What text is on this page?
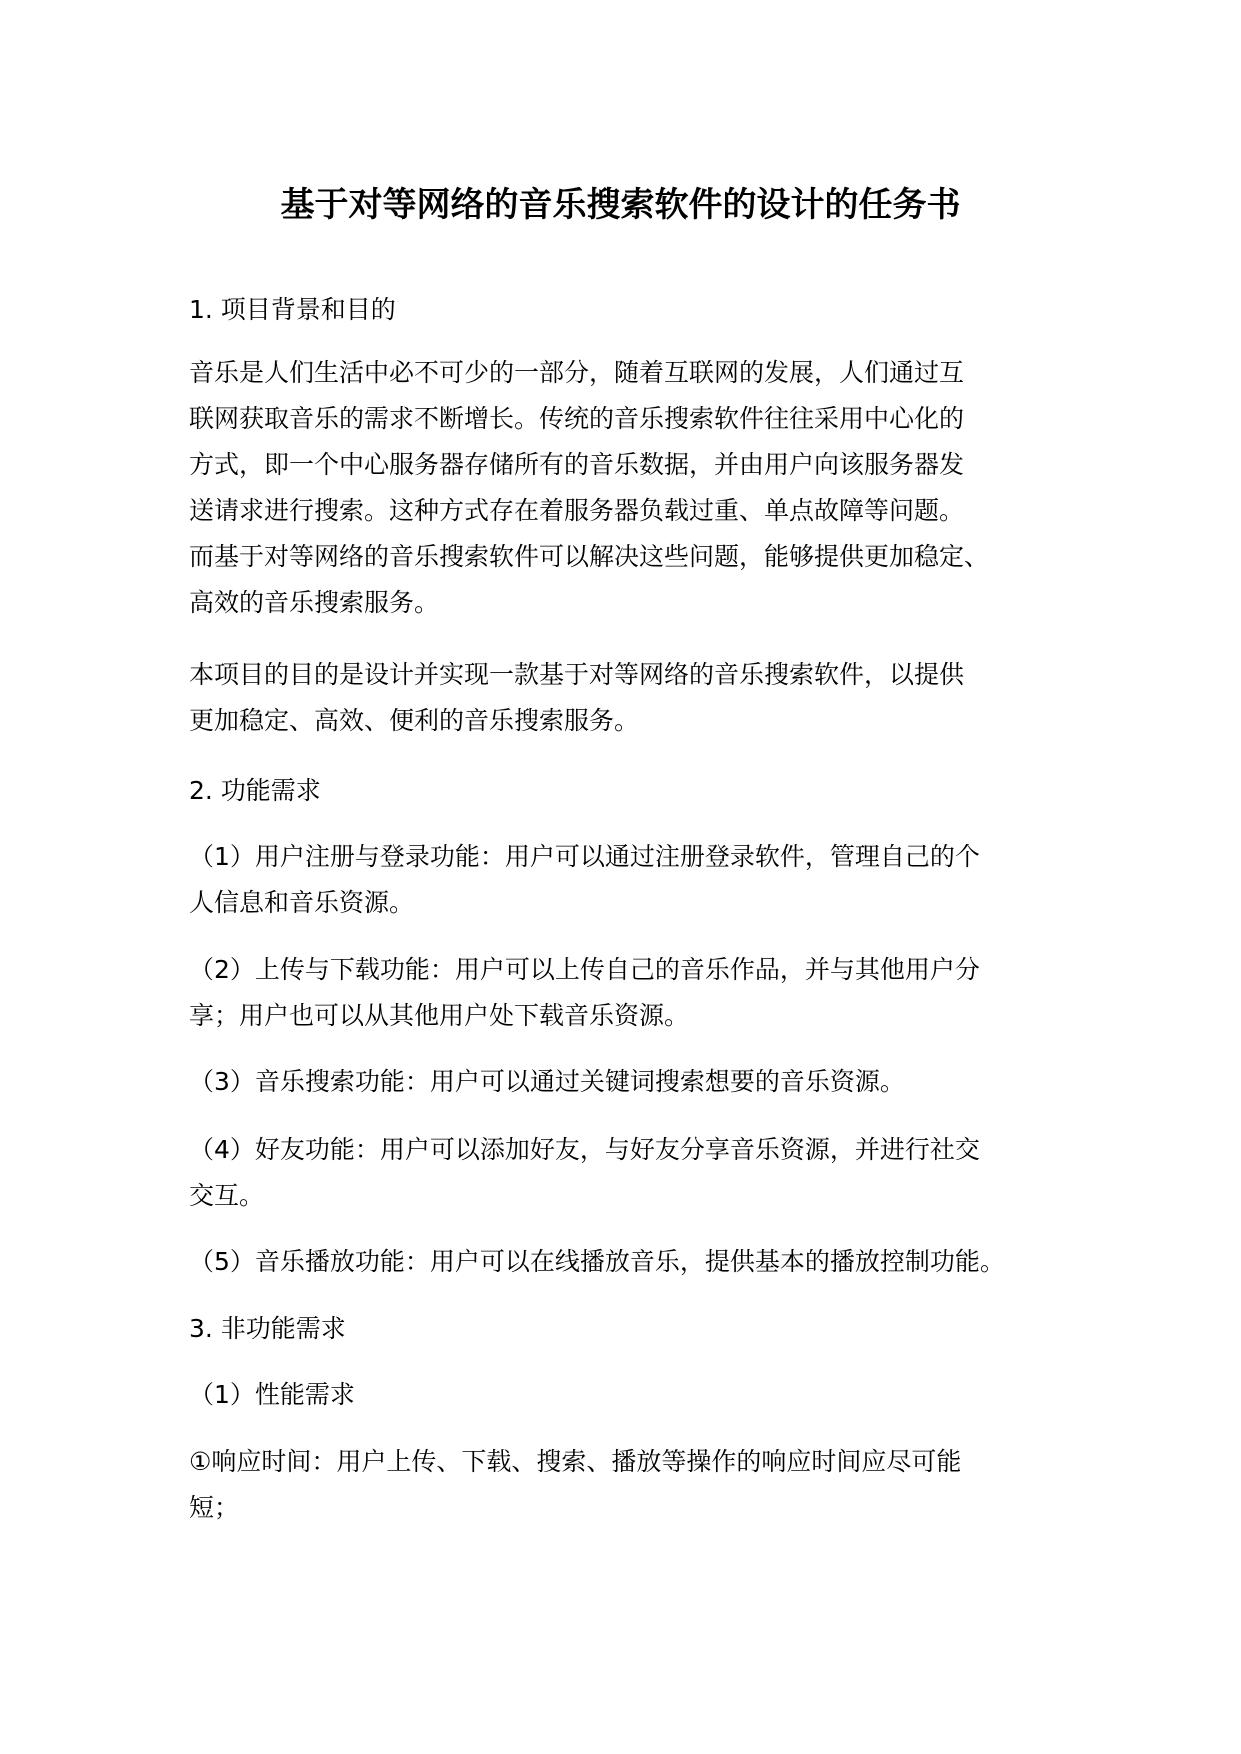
基于对等网络的音乐搜索软件的设计的任务书

1. 项目背景和目的

音乐是人们生活中必不可少的一部分，随着互联网的发展，人们通过互
联网获取音乐的需求不断增长。传统的音乐搜索软件往往采用中心化的
方式，即一个中心服务器存储所有的音乐数据，并由用户向该服务器发
送请求进行搜索。这种方式存在着服务器负载过重、单点故障等问题。
而基于对等网络的音乐搜索软件可以解决这些问题，能够提供更加稳定、
高效的音乐搜索服务。
本项目的目的是设计并实现一款基于对等网络的音乐搜索软件，以提供
更加稳定、高效、便利的音乐搜索服务。

2. 功能需求

（1）用户注册与登录功能：用户可以通过注册登录软件，管理自己的个
人信息和音乐资源。
（2）上传与下载功能：用户可以上传自己的音乐作品，并与其他用户分
享；用户也可以从其他用户处下载音乐资源。
（3）音乐搜索功能：用户可以通过关键词搜索想要的音乐资源。
（4）好友功能：用户可以添加好友，与好友分享音乐资源，并进行社交
交互。
（5）音乐播放功能：用户可以在线播放音乐，提供基本的播放控制功能。

3. 非功能需求

（1）性能需求

①响应时间：用户上传、下载、搜索、播放等操作的响应时间应尽可能
短；
